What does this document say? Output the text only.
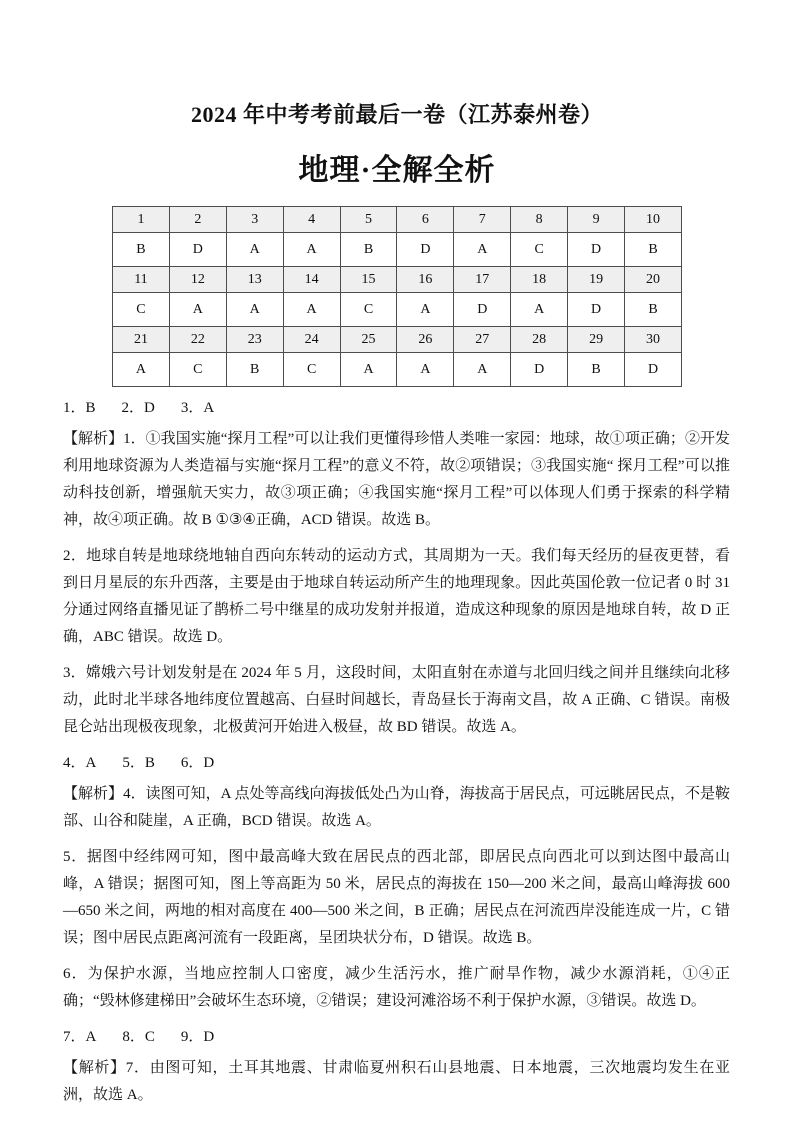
2024 年中考考前最后一卷（江苏泰州卷）
地理·全解全析
1	2	3	4	5	6	7	8	9	10
B	D	A	A	B	D	A	C	D	B
11	12	13	14	15	16	17	18	19	20
C	A	A	A	C	A	D	A	D	B
21	22	23	24	25	26	27	28	29	30
A	C	B	C	A	A	A	D	B	D
1．B 2．D 3．A

【解析】1．①我国实施“探月工程”可以让我们更懂得珍惜人类唯一家园：地球，故①项正确；②开发利用地球资源为人类造福与实施“探月工程”的意义不符，故②项错误；③我国实施“ 探月工程”可以推动科技创新，增强航天实力，故③项正确；④我国实施“探月工程”可以体现人们勇于探索的科学精神，故④项正确。故 B ①③④正确，ACD 错误。故选 B。

2．地球自转是地球绕地轴自西向东转动的运动方式，其周期为一天。我们每天经历的昼夜更替，看到日月星辰的东升西落，主要是由于地球自转运动所产生的地理现象。因此英国伦敦一位记者 0 时 31 分通过网络直播见证了鹊桥二号中继星的成功发射并报道，造成这种现象的原因是地球自转，故 D 正确，ABC 错误。故选 D。

3．嫦娥六号计划发射是在 2024 年 5 月，这段时间，太阳直射在赤道与北回归线之间并且继续向北移动，此时北半球各地纬度位置越高、白昼时间越长，青岛昼长于海南文昌，故 A 正确、C 错误。南极昆仑站出现极夜现象，北极黄河开始进入极昼，故 BD 错误。故选 A。

4．A 5．B 6．D

【解析】4．读图可知，A 点处等高线向海拔低处凸为山脊，海拔高于居民点，可远眺居民点，不是鞍部、山谷和陡崖，A 正确，BCD 错误。故选 A。

5．据图中经纬网可知，图中最高峰大致在居民点的西北部，即居民点向西北可以到达图中最高山峰，A 错误；据图可知，图上等高距为 50 米，居民点的海拔在 150—200 米之间，最高山峰海拔 600—650 米之间，两地的相对高度在 400—500 米之间，B 正确；居民点在河流西岸没能连成一片，C 错误；图中居民点距离河流有一段距离，呈团块状分布，D 错误。故选 B。

6．为保护水源，当地应控制人口密度，减少生活污水，推广耐旱作物，减少水源消耗，①④正确；“毁林修建梯田”会破坏生态环境，②错误；建设河滩浴场不利于保护水源，③错误。故选 D。

7．A 8．C 9．D

【解析】7．由图可知，土耳其地震、甘肃临夏州积石山县地震、日本地震，三次地震均发生在亚洲，故选 A。
